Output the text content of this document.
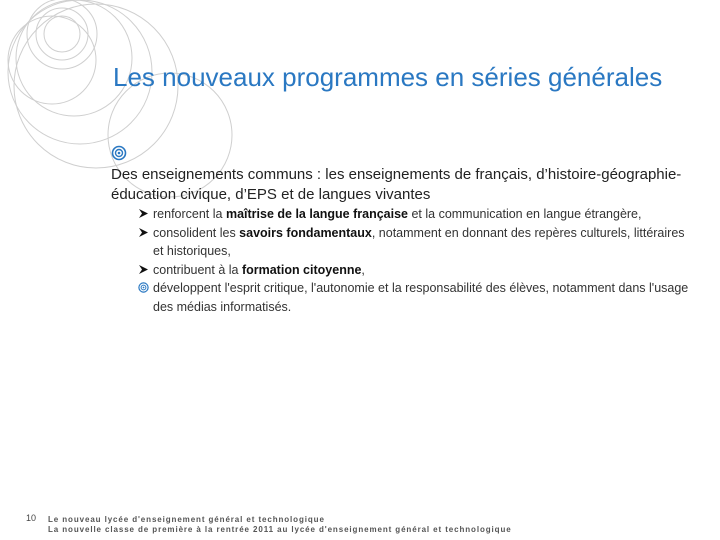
Les nouveaux programmes en séries générales
Des enseignements communs : les enseignements de français, d’histoire-géographie-éducation civique, d’EPS et de langues vivantes
renforcent la maîtrise de la langue française et la communication en langue étrangère,
consolident les savoirs fondamentaux, notamment en donnant des repères culturels, littéraires et historiques,
contribuent à la formation citoyenne,
développent l'esprit critique, l'autonomie et la responsabilité des élèves, notamment dans l'usage des médias informatisés.
10 Le nouveau lycée d'enseignement général et technologique
La nouvelle classe de première à la rentrée 2011 au lycée d'enseignement général et technologique
